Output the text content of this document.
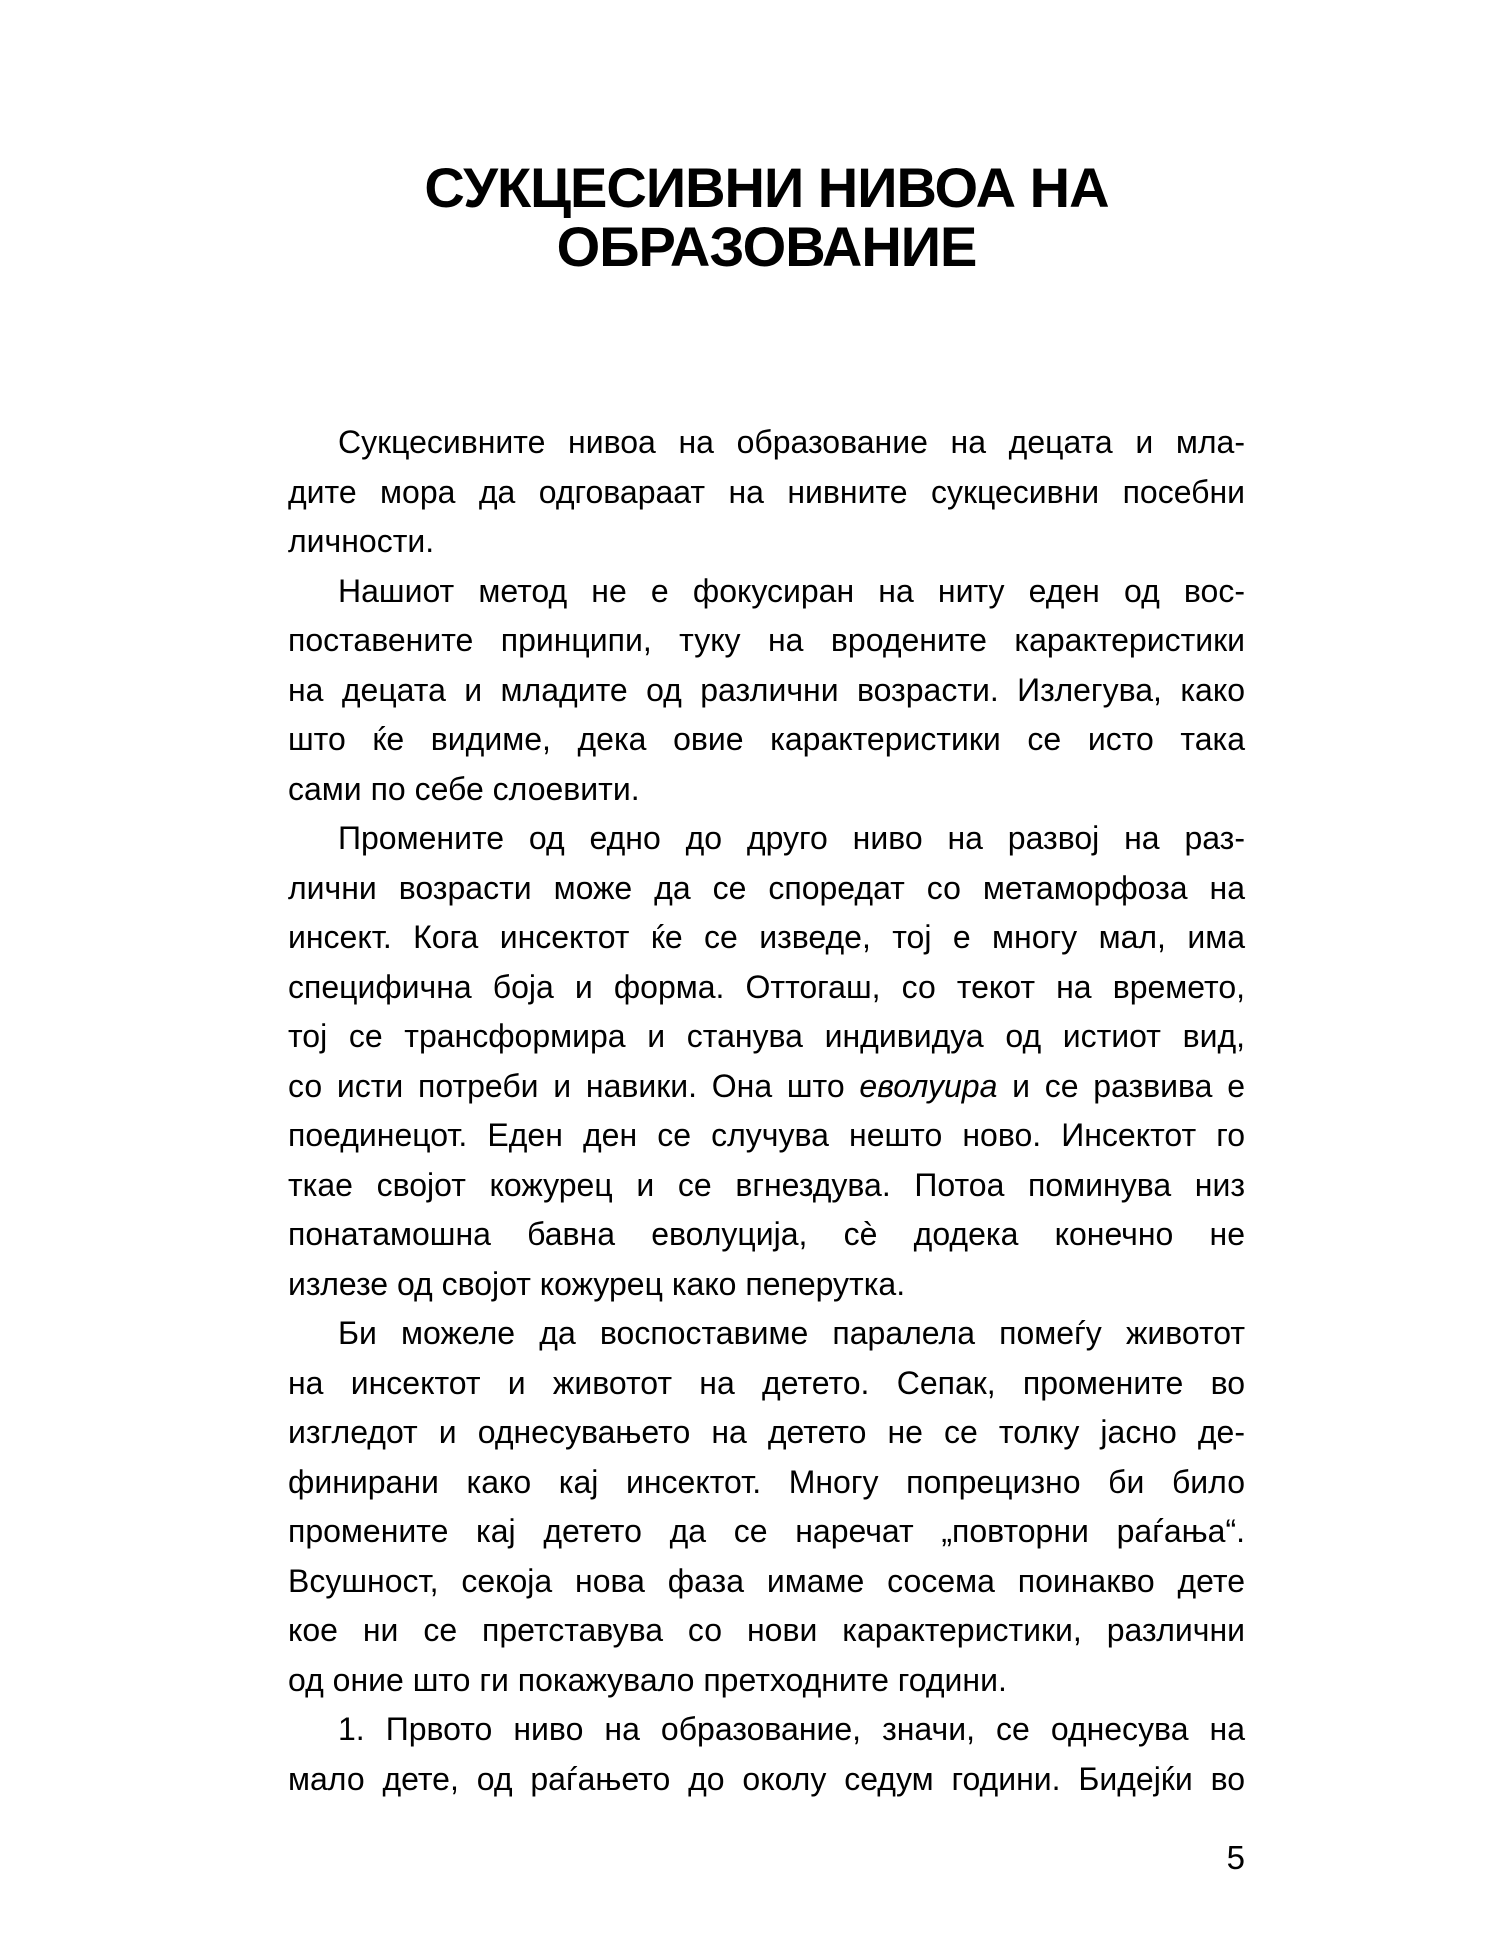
СУКЦЕСИВНИ НИВОА НА
ОБРАЗОВАНИЕ
Сукцесивните нивоа на образование на децата и мла-
дите мора да одговараат на нивните сукцесивни посебни
личности.
Нашиот метод не е фокусиран на ниту еден од вос-
поставените принципи, туку на вродените карактеристики
на децата и младите од различни возрасти. Излегува, како
што ќе видиме, дека овие карактеристики се исто така
сами по себе слоевити.
Промените од едно до друго ниво на развој на раз-
лични возрасти може да се споредат со метаморфоза на
инсект. Кога инсектот ќе се изведе, тој е многу мал, има
специфична боја и форма. Оттогаш, со текот на времето,
тој се трансформира и станува индивидуа од истиот вид,
со исти потреби и навики. Она што еволуира и се развива е
поединецот. Еден ден се случува нешто ново. Инсектот го
ткае својот кожурец и се вгнездува. Потоа поминува низ
понатамошна бавна еволуција, сѐ додека конечно не
излезе од својот кожурец како пеперутка.
Би можеле да воспоставиме паралела помеѓу животот
на инсектот и животот на детето. Сепак, промените во
изгледот и однесувањето на детето не се толку јасно де-
финирани како кај инсектот. Многу попрецизно би било
промените кај детето да се наречат „повторни раѓања“.
Всушност, секоја нова фаза имаме сосема поинакво дете
кое ни се претставува со нови карактеристики, различни
од оние што ги покажувало претходните години.
1. Првото ниво на образование, значи, се однесува на
мало дете, од раѓањето до околу седум години. Бидејќи во
5
